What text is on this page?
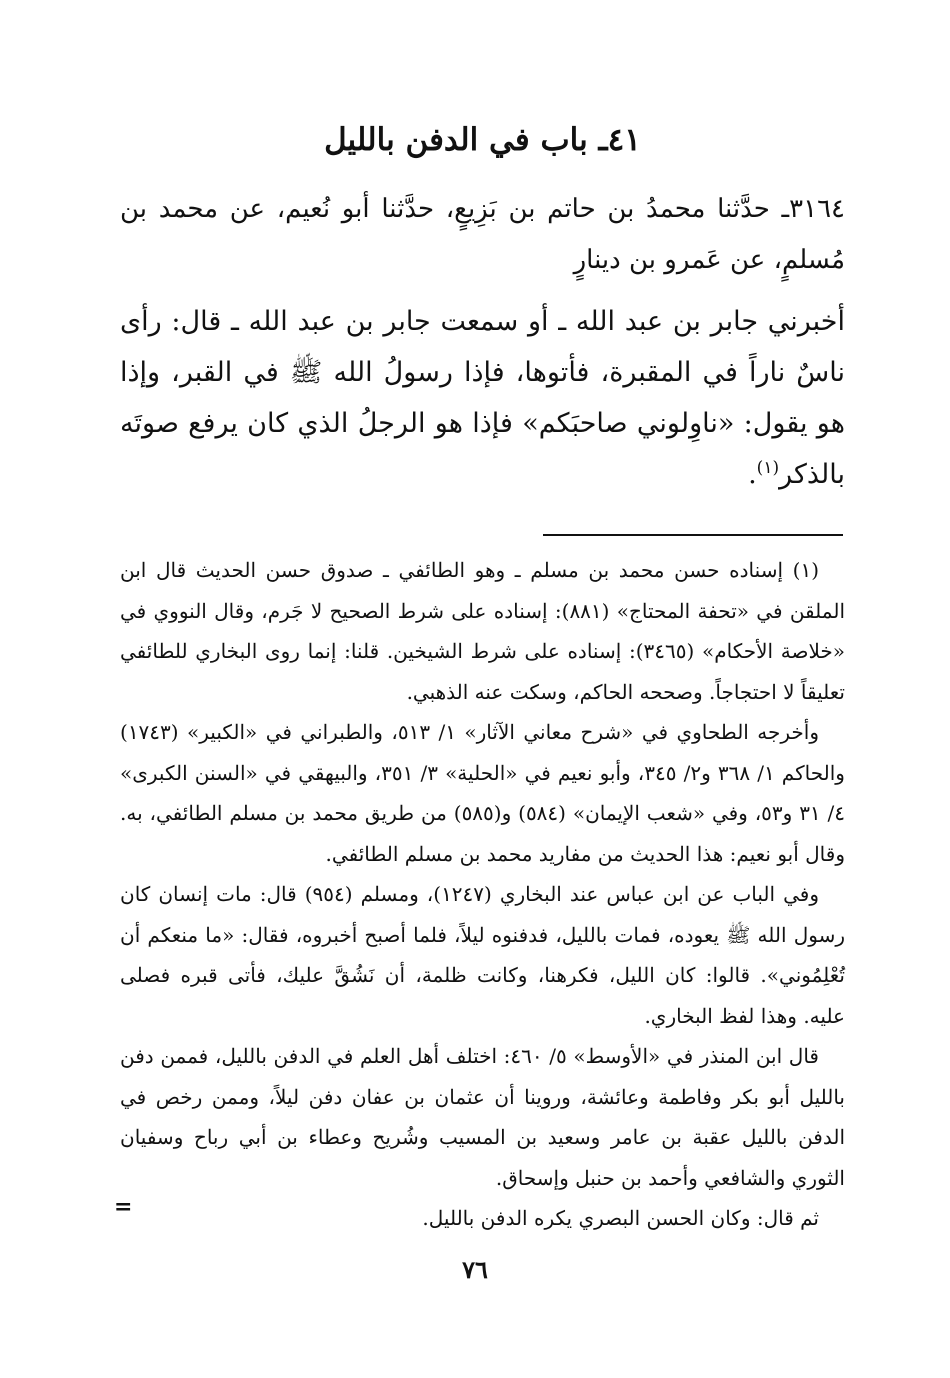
٤١ـ باب في الدفن بالليل

٣١٦٤ـ حدَّثنا محمدُ بن حاتم بن بَزِيعٍ، حدَّثنا أبو نُعيم، عن محمد بن مُسلمٍ، عن عَمرو بن دينارٍ

أخبرني جابر بن عبد الله ـ أو سمعت جابر بن عبد الله ـ قال: رأى ناسٌ ناراً في المقبرة، فأتوها، فإذا رسولُ الله ﷺ في القبر، وإذا هو يقول: «ناوِلوني صاحبَكم» فإذا هو الرجلُ الذي كان يرفع صوتَه بالذكر$^{(١)}$.

(١) إسناده حسن محمد بن مسلم ـ وهو الطائفي ـ صدوق حسن الحديث قال ابن الملقن في «تحفة المحتاج» (٨٨١): إسناده على شرط الصحيح لا جَرم، وقال النووي في «خلاصة الأحكام» (٣٤٦٥): إسناده على شرط الشيخين. قلنا: إنما روى البخاري للطائفي تعليقاً لا احتجاجاً. وصححه الحاكم، وسكت عنه الذهبي.

وأخرجه الطحاوي في «شرح معاني الآثار» ١/ ٥١٣، والطبراني في «الكبير» (١٧٤٣) والحاكم ١/ ٣٦٨ و٢/ ٣٤٥، وأبو نعيم في «الحلية» ٣/ ٣٥١، والبيهقي في «السنن الكبرى» ٤/ ٣١ و٥٣، وفي «شعب الإيمان» (٥٨٤) و(٥٨٥) من طريق محمد بن مسلم الطائفي، به. وقال أبو نعيم: هذا الحديث من مفاريد محمد بن مسلم الطائفي.

وفي الباب عن ابن عباس عند البخاري (١٢٤٧)، ومسلم (٩٥٤) قال: مات إنسان كان رسول الله ﷺ يعوده، فمات بالليل، فدفنوه ليلاً، فلما أصبح أخبروه، فقال: «ما منعكم أن تُعْلِمُوني». قالوا: كان الليل، فكرهنا، وكانت ظلمة، أن نَشُقَّ عليك، فأتى قبره فصلى عليه. وهذا لفظ البخاري.

قال ابن المنذر في «الأوسط» ٥/ ٤٦٠: اختلف أهل العلم في الدفن بالليل، فممن دفن بالليل أبو بكر وفاطمة وعائشة، وروينا أن عثمان بن عفان دفن ليلاً، وممن رخص في الدفن بالليل عقبة بن عامر وسعيد بن المسيب وشُريح وعطاء بن أبي رباح وسفيان الثوري والشافعي وأحمد بن حنبل وإسحاق.

ثم قال: وكان الحسن البصري يكره الدفن بالليل.

=
٧٦
